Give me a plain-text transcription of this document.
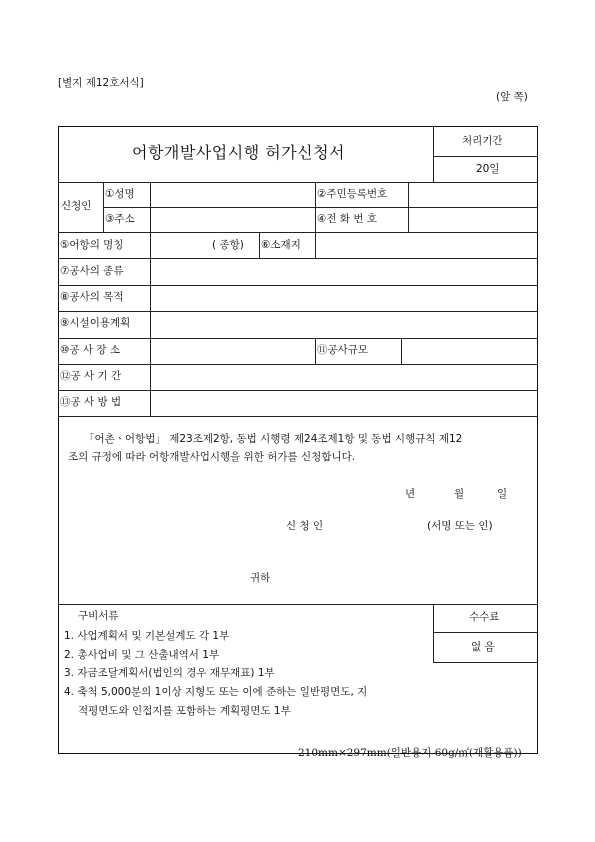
[별지 제12호서식]
(앞 쪽)
어항개발사업시행 허가신청서
처리기간
20일
신청인
①성명	②주민등록번호
③주소	④전 화 번 호
⑤어항의 명칭	( 종항) ⑥소재지
⑦공사의 종류
⑧공사의 목적
⑨시설이용계획
⑩공 사 장 소	⑪공사규모
⑫공 사 기 간
⑬공 사 방 법
「어촌ㆍ어항법」 제23조제2항, 동법 시행령 제24조제1항 및 동법 시행규칙 제12
조의 규정에 따라 어항개발사업시행을 위한 허가를 신청합니다.
년	월	일
신 청 인	(서명 또는 인)
귀하
구비서류
1. 사업계획서 및 기본설계도 각 1부
2. 총사업비 및 그 산출내역서 1부
3. 자금조달계획서(법인의 경우 재무재표) 1부
4. 축척 5,000분의 1이상 지형도 또는 이에 준하는 일반평면도, 지
적평면도와 인접지를 포함하는 계획평면도 1부
수수료
없 음
210mm×297mm(일반용지 60g/㎡(재활용품))
